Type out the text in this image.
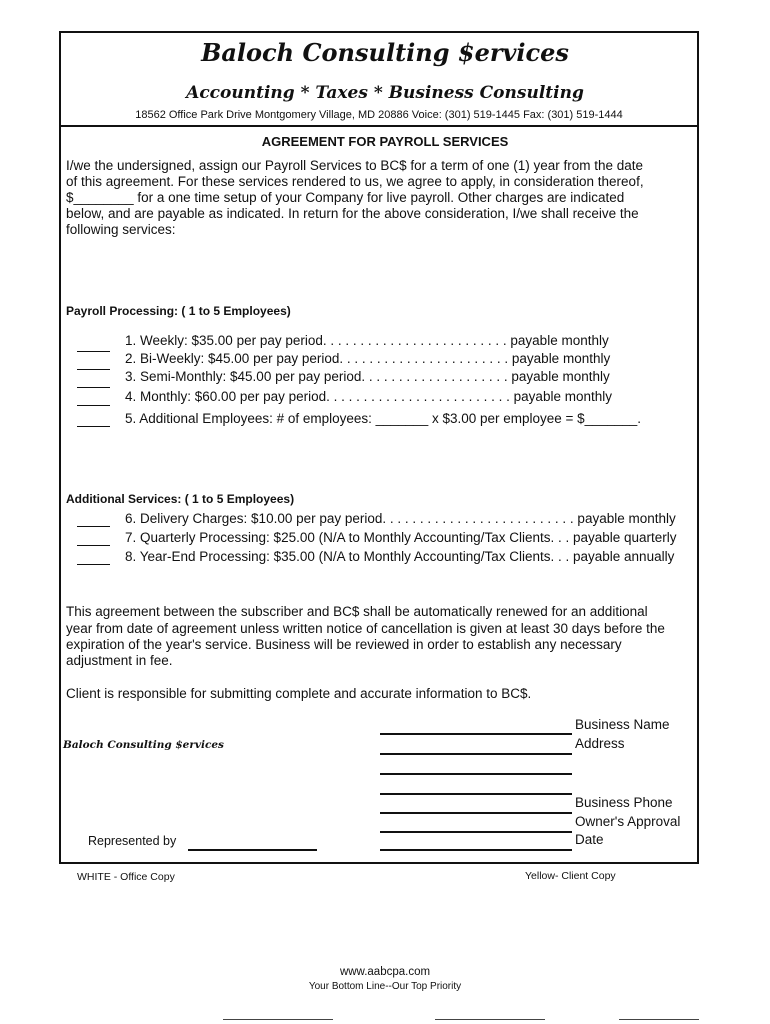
Baloch Consulting $ervices
Accounting * Taxes * Business Consulting
18562 Office Park Drive Montgomery Village, MD 20886 Voice: (301) 519-1445 Fax: (301) 519-1444
AGREEMENT FOR PAYROLL SERVICES
I/we the undersigned, assign our Payroll Services to BC$ for a term of one (1) year from the date
of this agreement. For these services rendered to us, we agree to apply, in consideration thereof,
$________ for a one time setup of your Company for live payroll. Other charges are indicated
below, and are payable as indicated. In return for the above consideration, I/we shall receive the
following services:
Payroll Processing: ( 1 to 5 Employees)
1. Weekly: $35.00 per pay period. . . . . . . . . . . . . . . . . . . . . . . . . payable monthly
2. Bi-Weekly: $45.00 per pay period. . . . . . . . . . . . . . . . . . . . . . . payable monthly
3. Semi-Monthly: $45.00 per pay period. . . . . . . . . . . . . . . . . . . . payable monthly
4. Monthly: $60.00 per pay period. . . . . . . . . . . . . . . . . . . . . . . . . payable monthly
5. Additional Employees: # of employees: _______ x $3.00 per employee = $_______.
Additional Services: ( 1 to 5 Employees)
6. Delivery Charges: $10.00 per pay period. . . . . . . . . . . . . . . . . . . . . . . . . . payable monthly
7. Quarterly Processing: $25.00 (N/A to Monthly Accounting/Tax Clients. . . payable quarterly
8. Year-End Processing: $35.00 (N/A to Monthly Accounting/Tax Clients. . . payable annually
This agreement between the subscriber and BC$ shall be automatically renewed for an additional
year from date of agreement unless written notice of cancellation is given at least 30 days before the
expiration of the year's service. Business will be reviewed in order to establish any necessary
adjustment in fee.
Client is responsible for submitting complete and accurate information to BC$.
Baloch Consulting $ervices
Business Name
Address
Business Phone
Owner's Approval
Date
Represented by
WHITE - Office Copy	Yellow- Client Copy
www.aabcpa.com
Your Bottom Line--Our Top Priority
